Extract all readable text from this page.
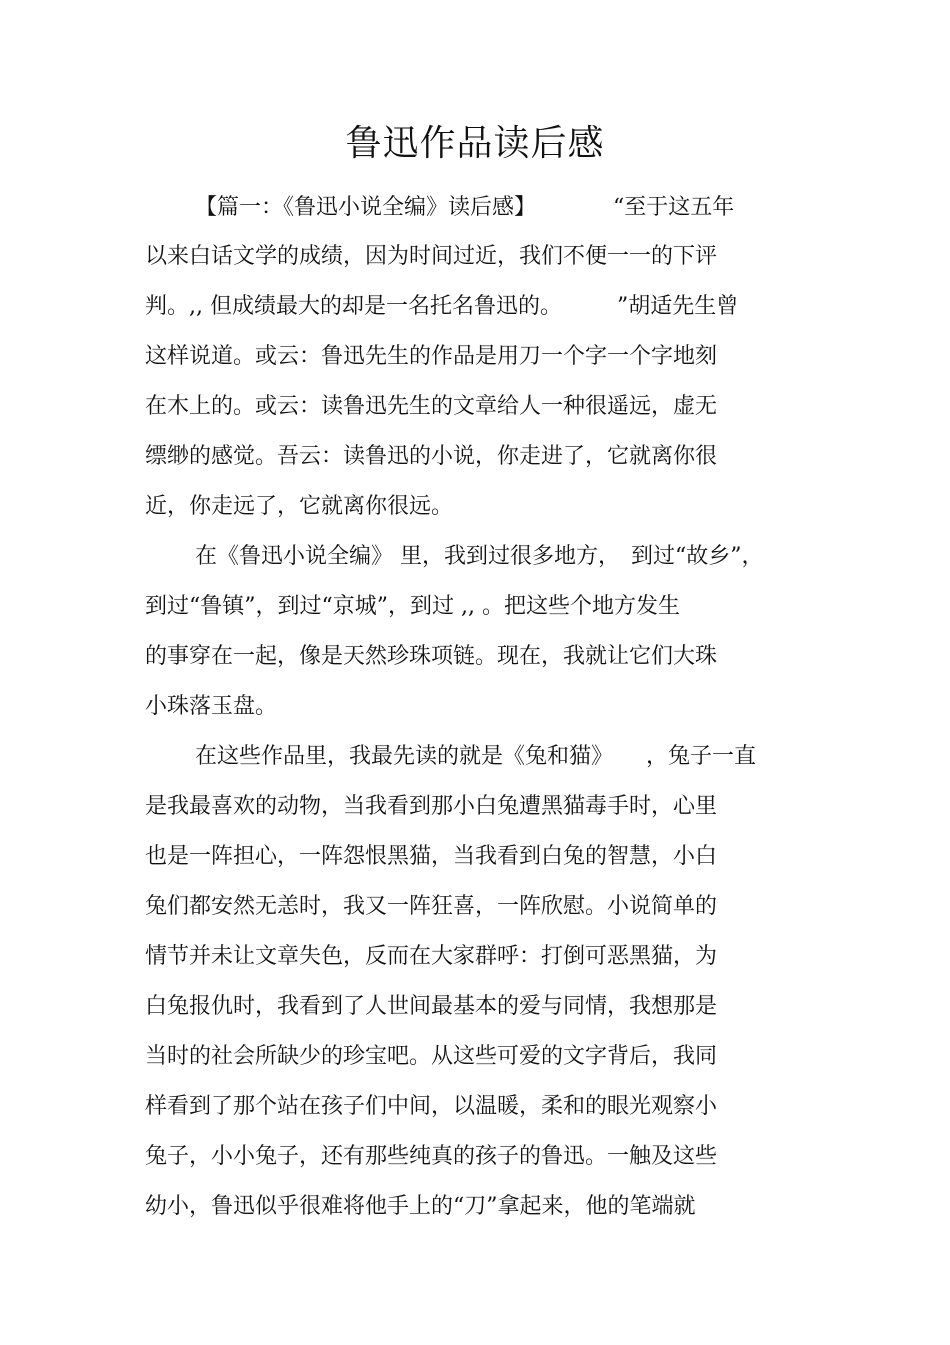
鲁迅作品读后感
【篇一：《鲁迅小说全编》读后感】　　　　“至于这五年
以来白话文学的成绩，因为时间过近，我们不便一一的下评
判。,, 但成绩最大的却是一名托名鲁迅的。　　　”胡适先生曾
这样说道。或云：鲁迅先生的作品是用刀一个字一个字地刻
在木上的。或云：读鲁迅先生的文章给人一种很遥远，虚无
缥缈的感觉。吾云：读鲁迅的小说，你走进了，它就离你很
近，你走远了，它就离你很远。
在《鲁迅小说全编》 里，我到过很多地方，　到过“故乡”，
到过“鲁镇”，到过“京城”，到过 ,, 。把这些个地方发生
的事穿在一起，像是天然珍珠项链。现在，我就让它们大珠
小珠落玉盘。
在这些作品里，我最先读的就是《兔和猫》　　，兔子一直
是我最喜欢的动物，当我看到那小白兔遭黑猫毒手时，心里
也是一阵担心，一阵怨恨黑猫，当我看到白兔的智慧，小白
兔们都安然无恙时，我又一阵狂喜，一阵欣慰。小说简单的
情节并未让文章失色，反而在大家群呼：打倒可恶黑猫，为
白兔报仇时，我看到了人世间最基本的爱与同情，我想那是
当时的社会所缺少的珍宝吧。从这些可爱的文字背后，我同
样看到了那个站在孩子们中间，以温暖，柔和的眼光观察小
兔子，小小兔子，还有那些纯真的孩子的鲁迅。一触及这些
幼小，鲁迅似乎很难将他手上的“刀”拿起来，他的笔端就
